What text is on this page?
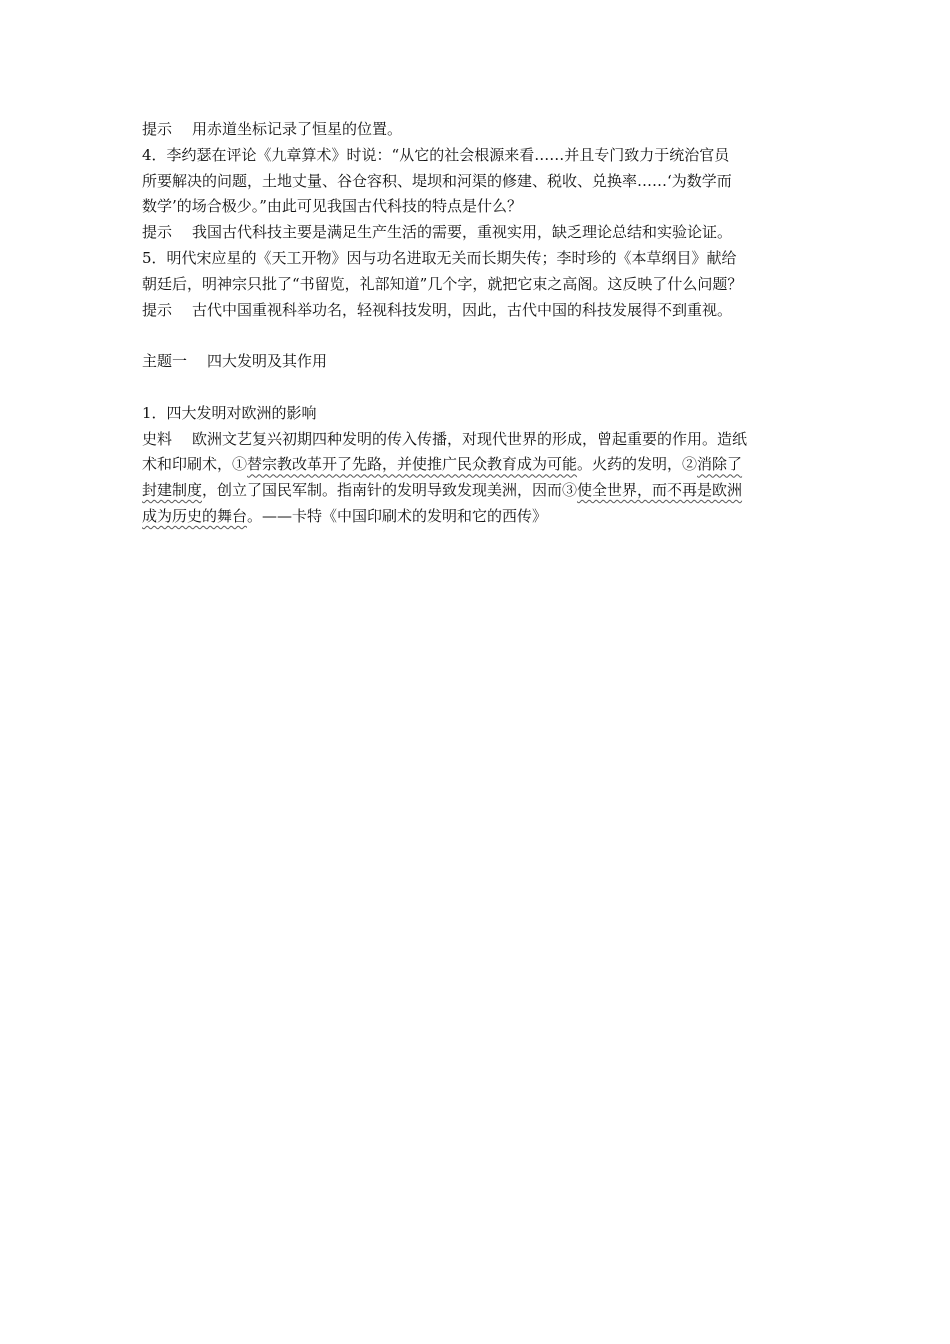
提示 用赤道坐标记录了恒星的位置。
4．李约瑟在评论《九章算术》时说：“从它的社会根源来看……并且专门致力于统治官员
所要解决的问题，土地丈量、谷仓容积、堤坝和河渠的修建、税收、兑换率……‘为数学而
数学’的场合极少。”由此可见我国古代科技的特点是什么？
提示 我国古代科技主要是满足生产生活的需要，重视实用，缺乏理论总结和实验论证。
5．明代宋应星的《天工开物》因与功名进取无关而长期失传；李时珍的《本草纲目》献给
朝廷后，明神宗只批了“书留览，礼部知道”几个字，就把它束之高阁。这反映了什么问题？
提示 古代中国重视科举功名，轻视科技发明，因此，古代中国的科技发展得不到重视。
主题一 四大发明及其作用
1．四大发明对欧洲的影响
史料 欧洲文艺复兴初期四种发明的传入传播，对现代世界的形成，曾起重要的作用。造纸
术和印刷术，①替宗教改革开了先路，并使推广民众教育成为可能。火药的发明，②消除了
封建制度，创立了国民军制。指南针的发明导致发现美洲，因而③使全世界，而不再是欧洲
成为历史的舞台。——卡特《中国印刷术的发明和它的西传》
